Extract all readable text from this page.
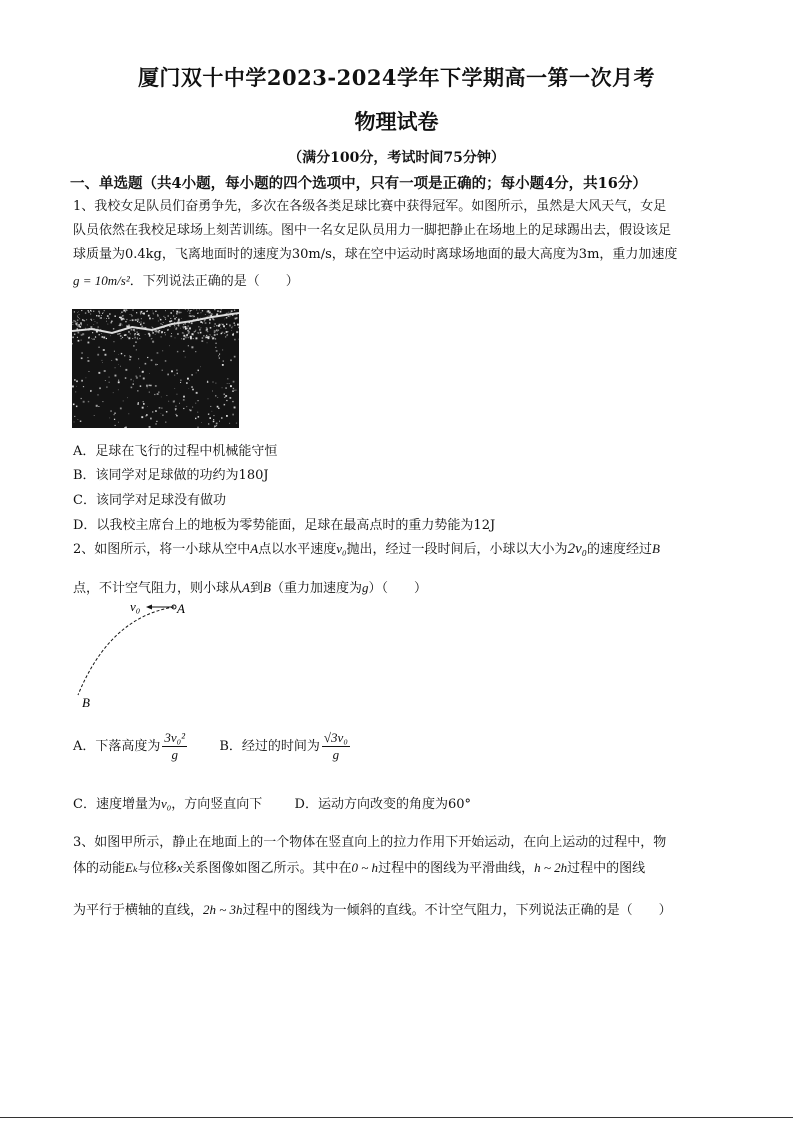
厦门双十中学2023-2024学年下学期高一第一次月考
物理试卷
（满分100分，考试时间75分钟）
一、单选题（共4小题，每小题的四个选项中，只有一项是正确的；每小题4分，共16分）
1、我校女足队员们奋勇争先，多次在各级各类足球比赛中获得冠军。如图所示，虽然是大风天气，女足
队员依然在我校足球场上刻苦训练。图中一名女足队员用力一脚把静止在场地上的足球踢出去，假设该足
球质量为0.4kg，飞离地面时的速度为30m/s，球在空中运动时离球场地面的最大高度为3m，重力加速度
g = 10m/s²．下列说法正确的是（　　）
A．足球在飞行的过程中机械能守恒
B．该同学对足球做的功约为180J
C．该同学对足球没有做功
D．以我校主席台上的地板为零势能面，足球在最高点时的重力势能为12J
2、如图所示，将一小球从空中A点以水平速度v₀抛出，经过一段时间后，小球以大小为2v₀的速度经过B
点，不计空气阻力，则小球从A到B（重力加速度为g）（　　）
v₀	A
B
A．下落高度为 $\frac{\text{3v₀²}}{g}$ B．经过的时间为 $\frac{\text{√3v₀}}{g}$
C．速度增量为v₀，方向竖直向下 D．运动方向改变的角度为60°
3、如图甲所示，静止在地面上的一个物体在竖直向上的拉力作用下开始运动，在向上运动的过程中，物
体的动能Eₖ与位移x关系图像如图乙所示。其中在0 ~ h过程中的图线为平滑曲线，h ~ 2h过程中的图线
为平行于横轴的直线，2h ~ 3h过程中的图线为一倾斜的直线。不计空气阻力，下列说法正确的是（　　）
